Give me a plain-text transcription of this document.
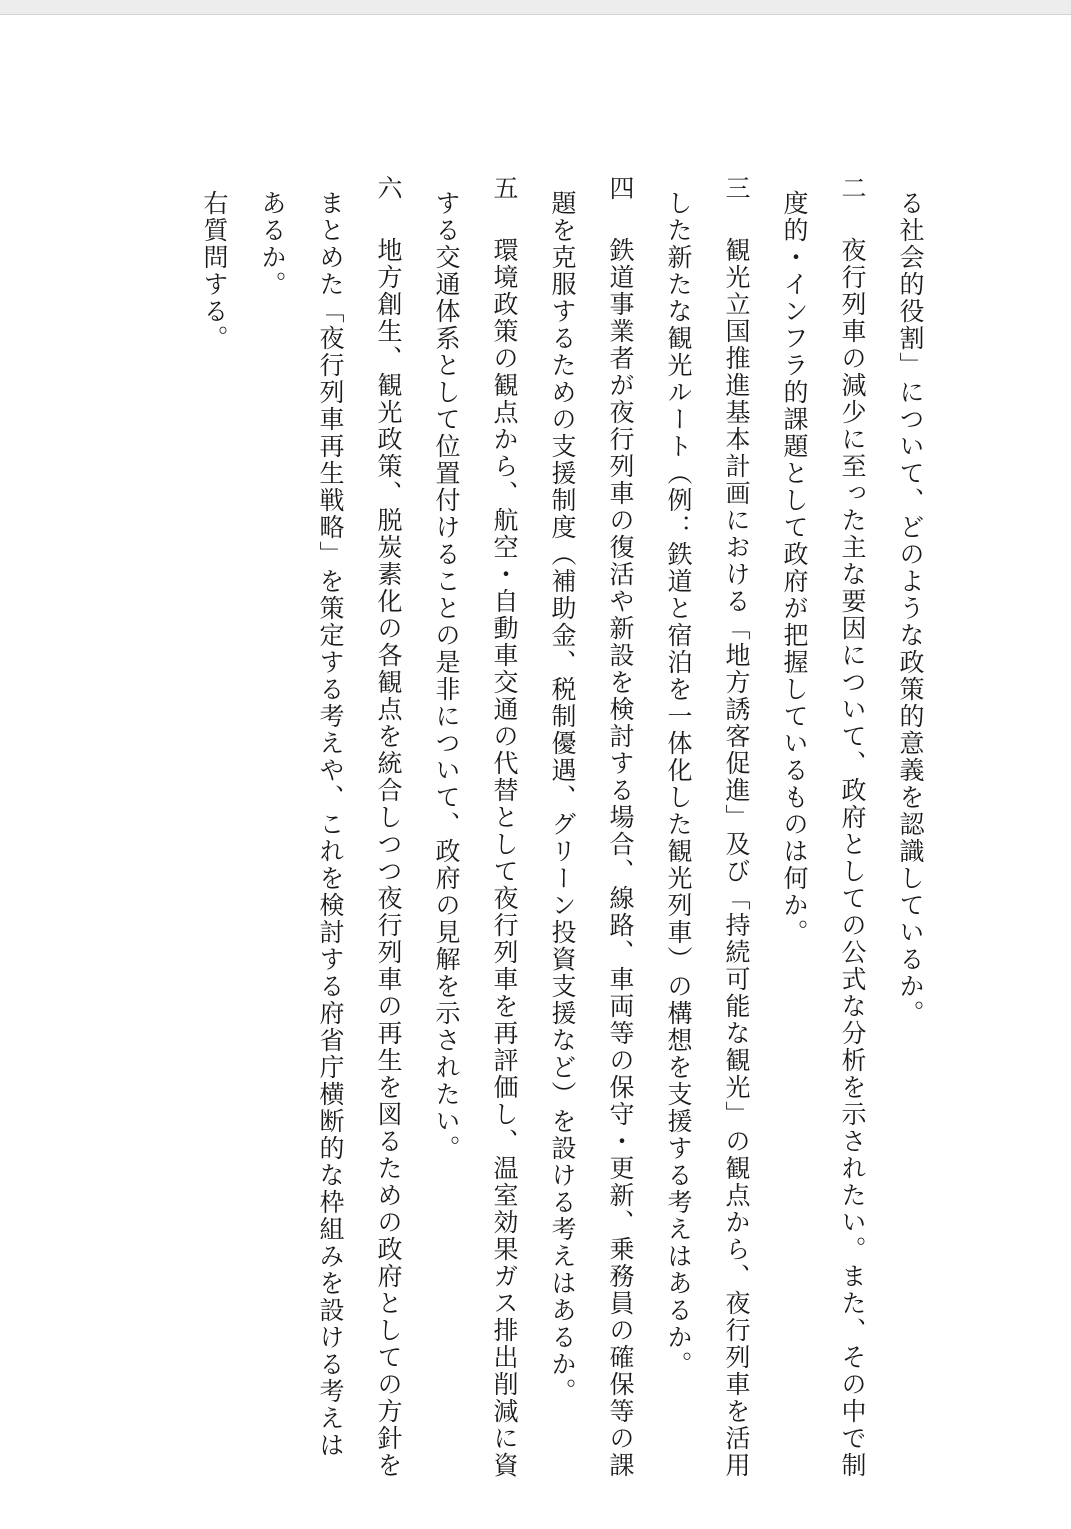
る社会的役割」について、どのような政策的意義を認識しているか。
二夜行列車の減少に至った主な要因について、政府としての公式な分析を示されたい。また、その中で制
度的・インフラ的課題として政府が把握しているものは何か。
三観光立国推進基本計画における「地方誘客促進」及び「持続可能な観光」の観点から、夜行列車を活用
した新たな観光ルート（例：鉄道と宿泊を一体化した観光列車）の構想を支援する考えはあるか。
四鉄道事業者が夜行列車の復活や新設を検討する場合、線路、車両等の保守・更新、乗務員の確保等の課
題を克服するための支援制度（補助金、税制優遇、グリーン投資支援など）を設ける考えはあるか。
五環境政策の観点から、航空・自動車交通の代替として夜行列車を再評価し、温室効果ガス排出削減に資
する交通体系として位置付けることの是非について、政府の見解を示されたい。
六地方創生、観光政策、脱炭素化の各観点を統合しつつ夜行列車の再生を図るための政府としての方針を
まとめた「夜行列車再生戦略」を策定する考えや、これを検討する府省庁横断的な枠組みを設ける考えは
あるか。
右質問する。
